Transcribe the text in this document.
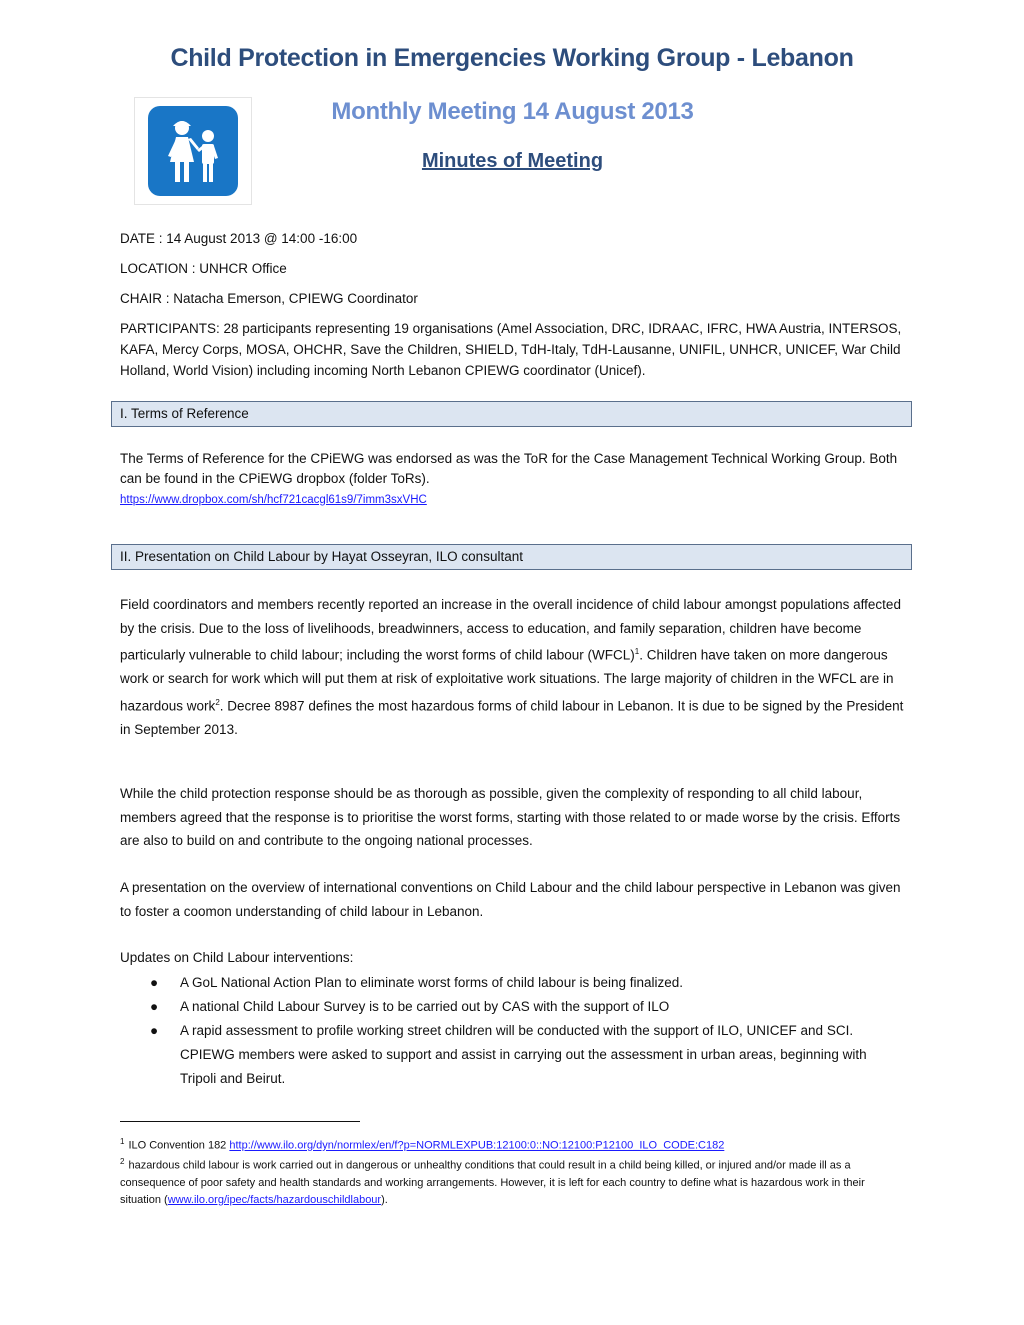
Child Protection in Emergencies Working Group - Lebanon
Monthly Meeting 14 August 2013
Minutes of Meeting
DATE : 14 August 2013 @ 14:00 -16:00
LOCATION : UNHCR Office
CHAIR : Natacha Emerson, CPIEWG Coordinator
PARTICIPANTS: 28 participants representing 19 organisations (Amel Association, DRC, IDRAAC, IFRC, HWA Austria, INTERSOS, KAFA, Mercy Corps, MOSA, OHCHR, Save the Children, SHIELD, TdH-Italy, TdH-Lausanne, UNIFIL, UNHCR, UNICEF, War Child Holland, World Vision) including incoming North Lebanon CPIEWG coordinator (Unicef).
I. Terms of Reference
The Terms of Reference for the CPiEWG was endorsed as was the ToR for the Case Management Technical Working Group. Both can be found in the CPiEWG dropbox (folder ToRs).
https://www.dropbox.com/sh/hcf721cacgl61s9/7imm3sxVHC
II. Presentation on Child Labour by Hayat Osseyran, ILO consultant
Field coordinators and members recently reported an increase in the overall incidence of child labour amongst populations affected by the crisis. Due to the loss of livelihoods, breadwinners, access to education, and family separation, children have become particularly vulnerable to child labour; including the worst forms of child labour (WFCL)$^1$. Children have taken on more dangerous work or search for work which will put them at risk of exploitative work situations. The large majority of children in the WFCL are in hazardous work$^2$. Decree 8987 defines the most hazardous forms of child labour in Lebanon. It is due to be signed by the President in September 2013.
While the child protection response should be as thorough as possible, given the complexity of responding to all child labour, members agreed that the response is to prioritise the worst forms, starting with those related to or made worse by the crisis. Efforts are also to build on and contribute to the ongoing national processes.
A presentation on the overview of international conventions on Child Labour and the child labour perspective in Lebanon was given to foster a coomon understanding of child labour in Lebanon.
Updates on Child Labour interventions:
● A GoL National Action Plan to eliminate worst forms of child labour is being finalized.
● A national Child Labour Survey is to be carried out by CAS with the support of ILO
● A rapid assessment to profile working street children will be conducted with the support of ILO, UNICEF and SCI. CPIEWG members were asked to support and assist in carrying out the assessment in urban areas, beginning with Tripoli and Beirut.
$^1$ ILO Convention 182 http://www.ilo.org/dyn/normlex/en/f?p=NORMLEXPUB:12100:0::NO:12100:P12100_ILO_CODE:C182
$^2$ hazardous child labour is work carried out in dangerous or unhealthy conditions that could result in a child being killed, or injured and/or made ill as a consequence of poor safety and health standards and working arrangements. However, it is left for each country to define what is hazardous work in their situation (www.ilo.org/ipec/facts/hazardouschildlabour).
